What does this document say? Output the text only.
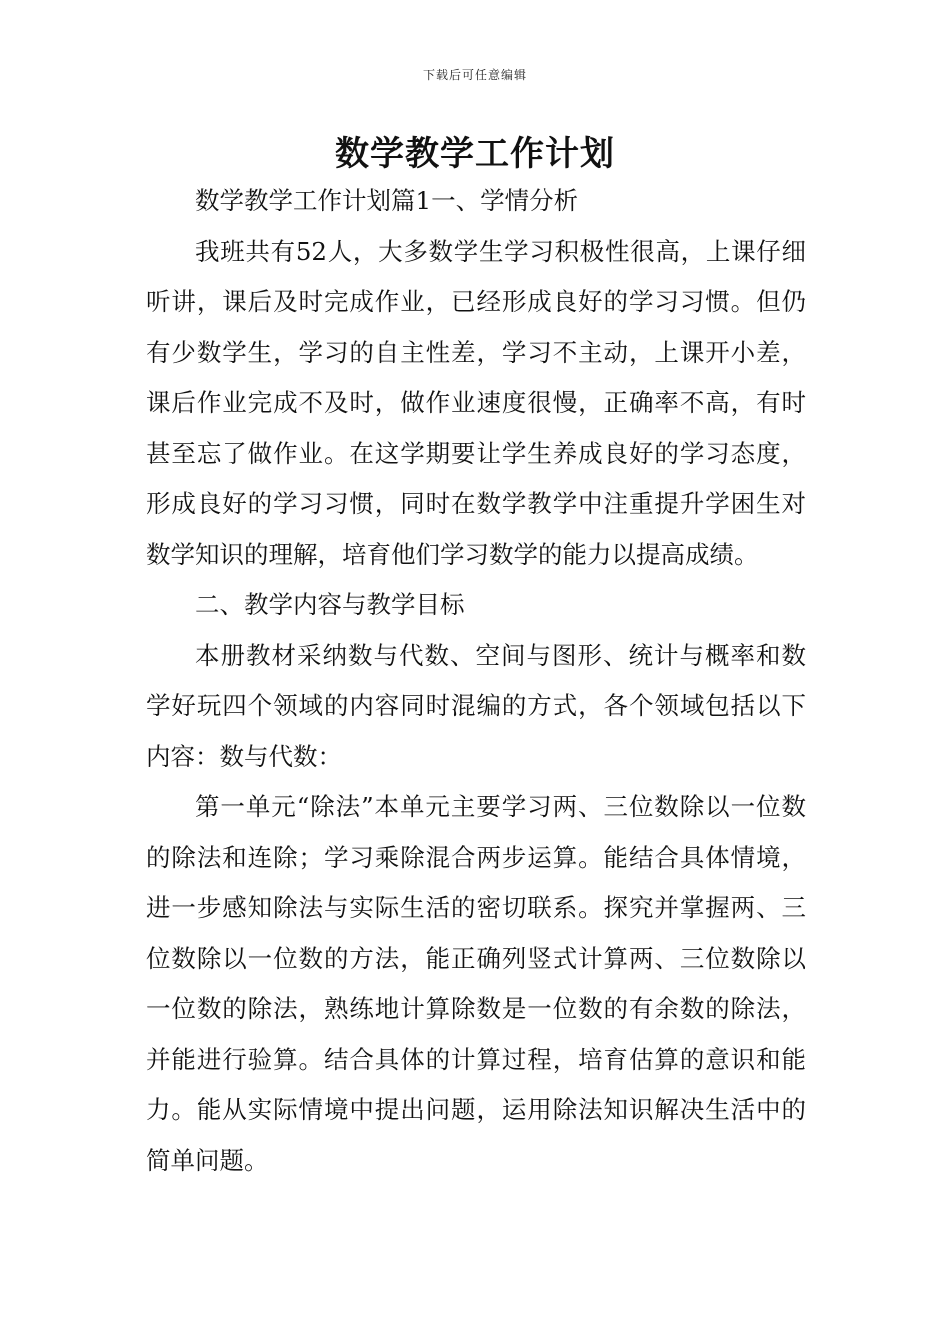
下载后可任意编辑
数学教学工作计划

数学教学工作计划篇1一、学情分析

我班共有52人，大多数学生学习积极性很高，上课仔细听讲，课后及时完成作业，已经形成良好的学习习惯。但仍有少数学生，学习的自主性差，学习不主动，上课开小差，课后作业完成不及时，做作业速度很慢，正确率不高，有时甚至忘了做作业。在这学期要让学生养成良好的学习态度，形成良好的学习习惯，同时在数学教学中注重提升学困生对数学知识的理解，培育他们学习数学的能力以提高成绩。

二、教学内容与教学目标

本册教材采纳数与代数、空间与图形、统计与概率和数学好玩四个领域的内容同时混编的方式，各个领域包括以下内容：数与代数：

第一单元“除法”本单元主要学习两、三位数除以一位数的除法和连除；学习乘除混合两步运算。能结合具体情境，进一步感知除法与实际生活的密切联系。探究并掌握两、三位数除以一位数的方法，能正确列竖式计算两、三位数除以一位数的除法，熟练地计算除数是一位数的有余数的除法，并能进行验算。结合具体的计算过程，培育估算的意识和能力。能从实际情境中提出问题，运用除法知识解决生活中的简单问题。
